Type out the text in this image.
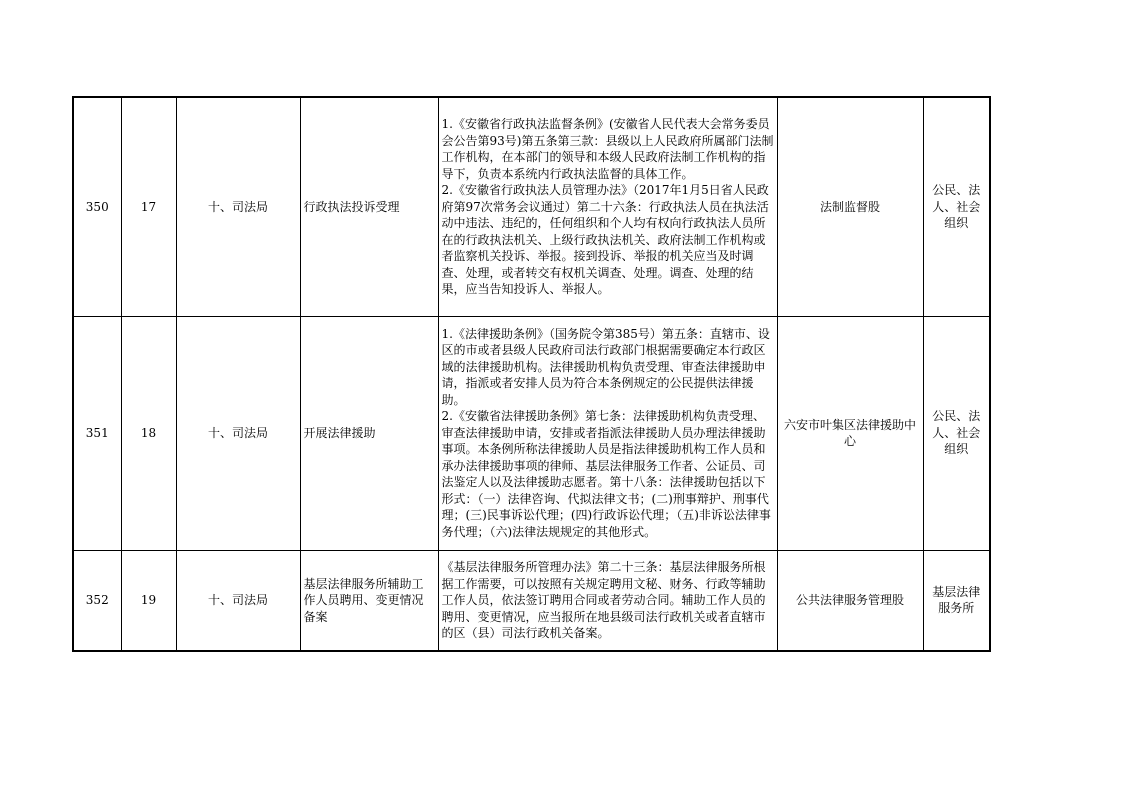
350	17	十、司法局	行政执法投诉受理	1.《安徽省行政执法监督条例》(安徽省人民代表大会常务委员会公告第93号)第五条第三款：县级以上人民政府所属部门法制工作机构，在本部门的领导和本级人民政府法制工作机构的指导下，负责本系统内行政执法监督的具体工作。
2.《安徽省行政执法人员管理办法》（2017年1月5日省人民政府第97次常务会议通过）第二十六条：行政执法人员在执法活动中违法、违纪的，任何组织和个人均有权向行政执法人员所在的行政执法机关、上级行政执法机关、政府法制工作机构或者监察机关投诉、举报。接到投诉、举报的机关应当及时调查、处理，或者转交有权机关调查、处理。调查、处理的结果，应当告知投诉人、举报人。	法制监督股	公民、法人、社会组织
351	18	十、司法局	开展法律援助	1.《法律援助条例》（国务院令第385号）第五条：直辖市、设区的市或者县级人民政府司法行政部门根据需要确定本行政区域的法律援助机构。法律援助机构负责受理、审查法律援助申请，指派或者安排人员为符合本条例规定的公民提供法律援助。
2.《安徽省法律援助条例》第七条：法律援助机构负责受理、审查法律援助申请，安排或者指派法律援助人员办理法律援助事项。本条例所称法律援助人员是指法律援助机构工作人员和承办法律援助事项的律师、基层法律服务工作者、公证员、司法鉴定人以及法律援助志愿者。第十八条：法律援助包括以下形式：（一）法律咨询、代拟法律文书；(二)刑事辩护、刑事代理；(三)民事诉讼代理；(四)行政诉讼代理；（五)非诉讼法律事务代理；（六)法律法规规定的其他形式。	六安市叶集区法律援助中心	公民、法人、社会组织
352	19	十、司法局	基层法律服务所辅助工作人员聘用、变更情况备案	《基层法律服务所管理办法》第二十三条：基层法律服务所根据工作需要，可以按照有关规定聘用文秘、财务、行政等辅助工作人员，依法签订聘用合同或者劳动合同。辅助工作人员的聘用、变更情况，应当报所在地县级司法行政机关或者直辖市的区（县）司法行政机关备案。	公共法律服务管理股	基层法律服务所
